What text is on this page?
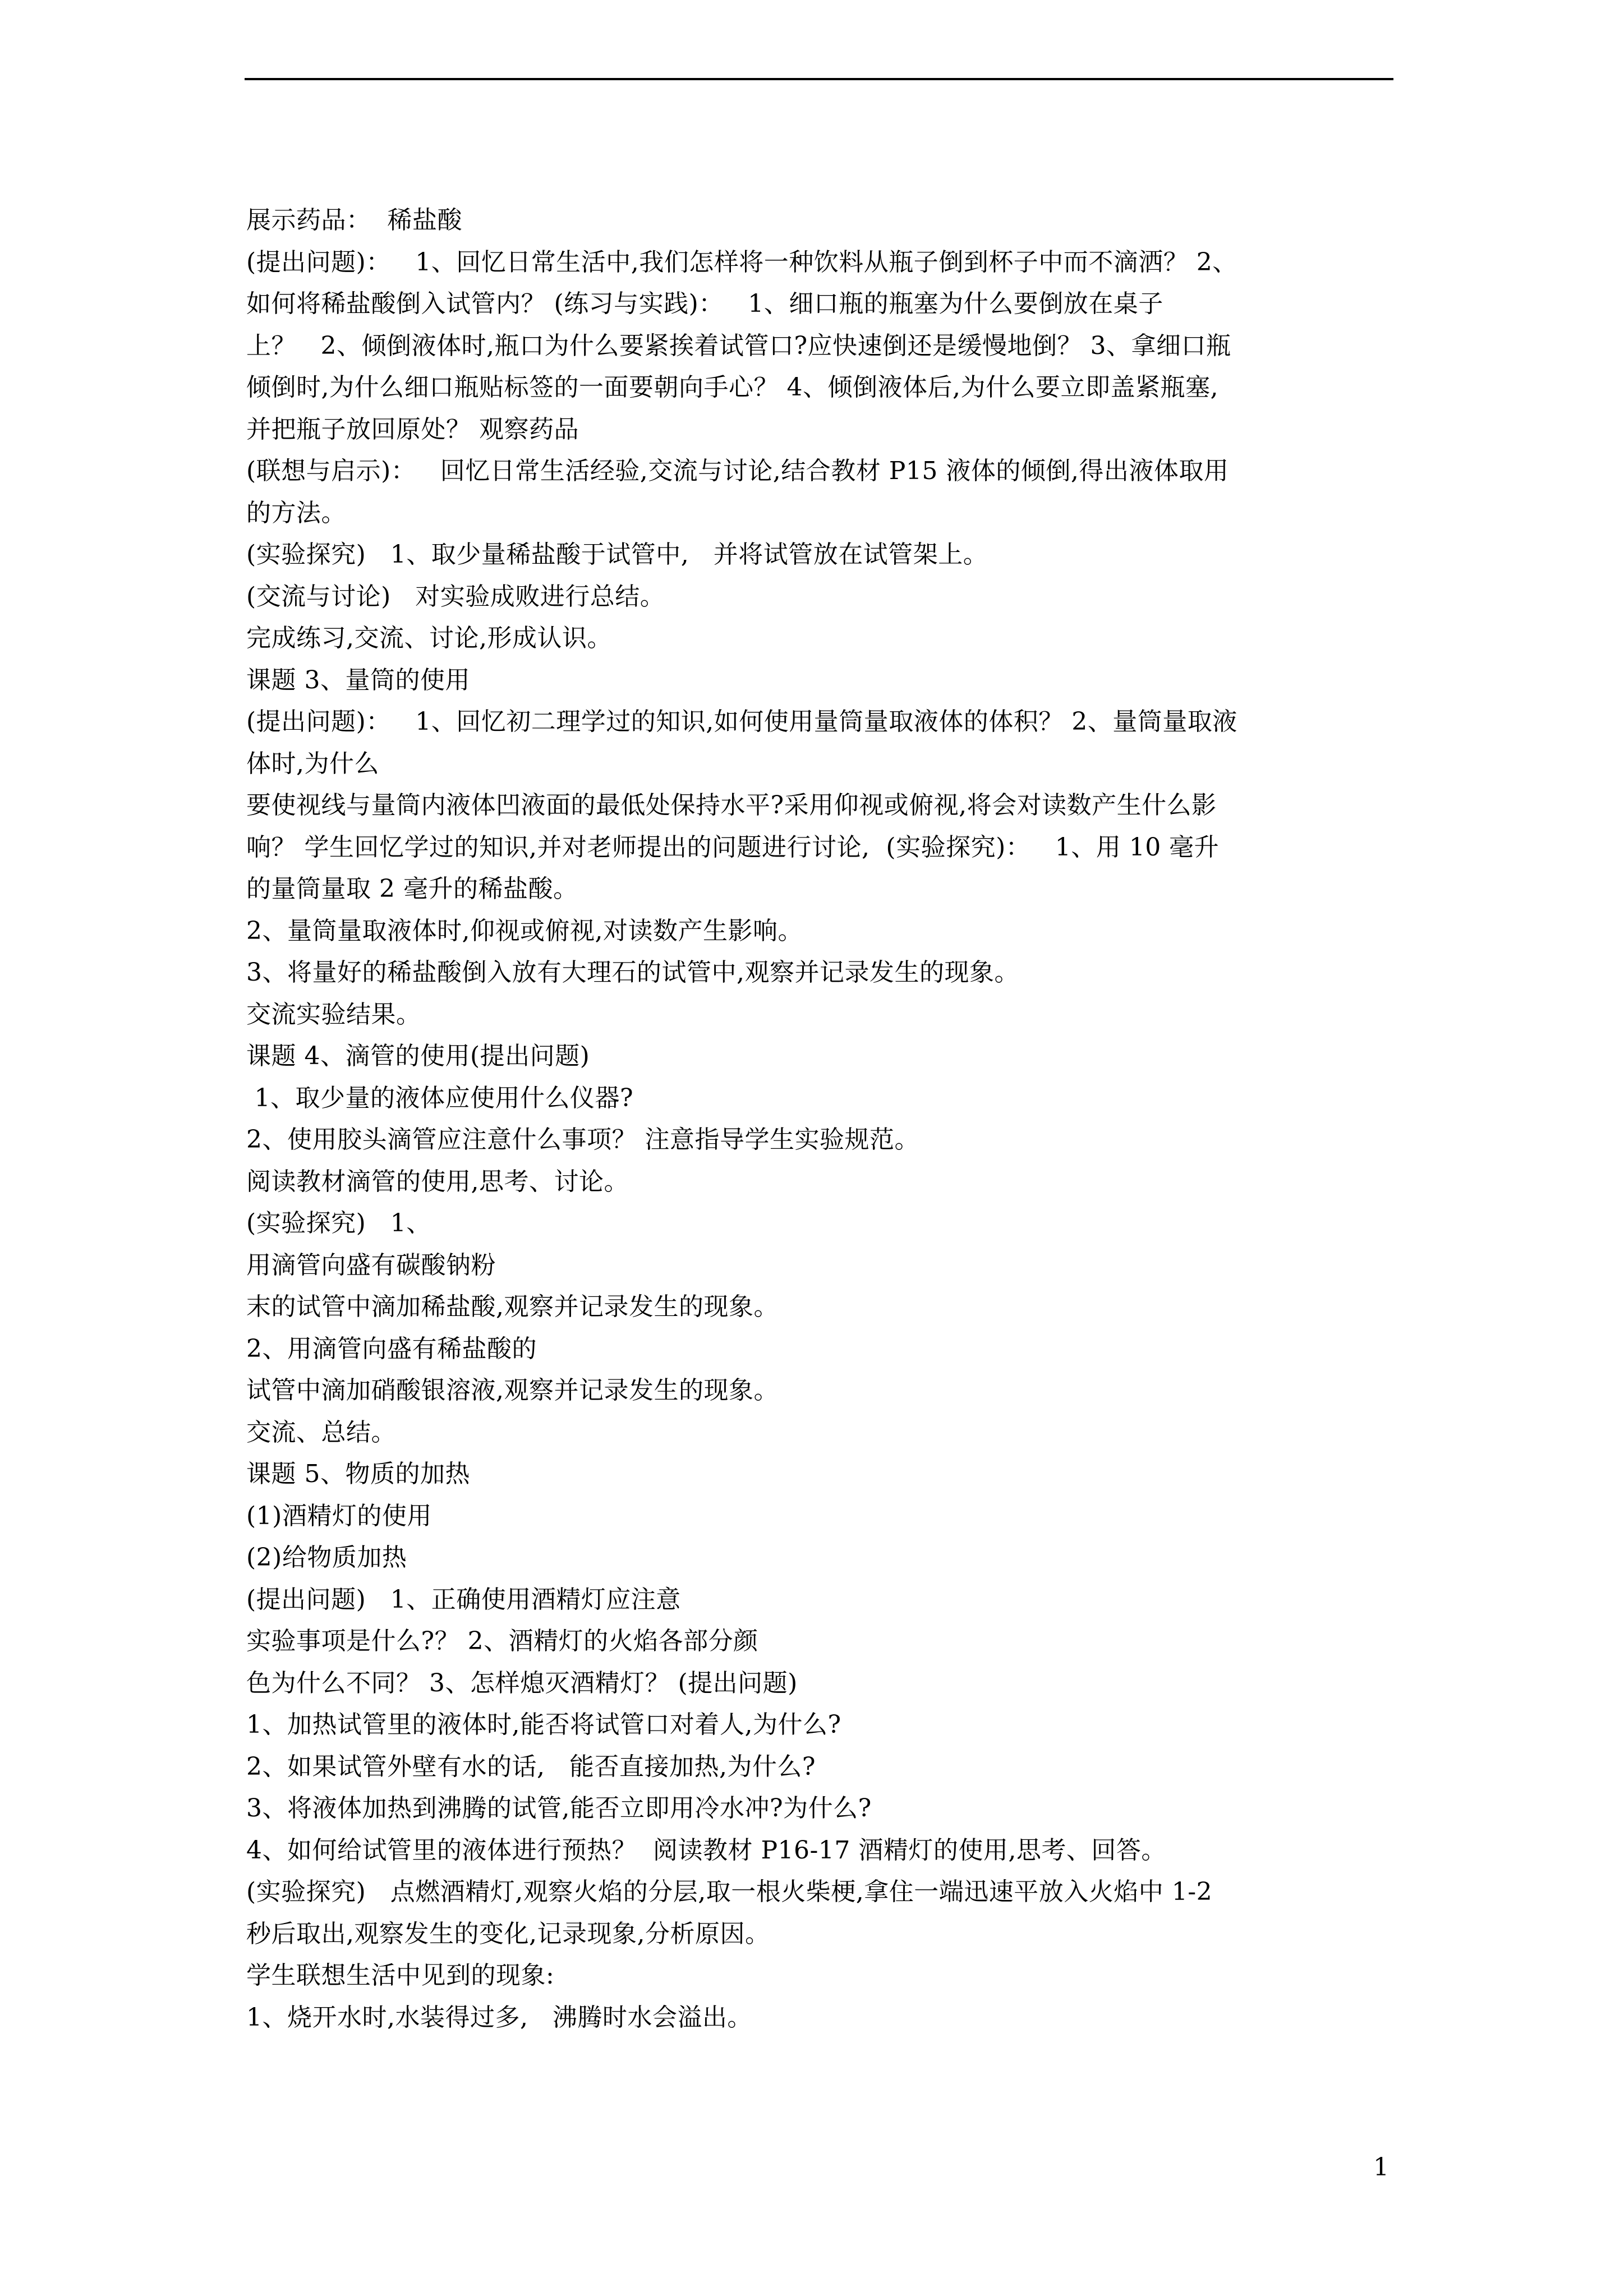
展示药品：  稀盐酸
(提出问题)：   1、回忆日常生活中,我们怎样将一种饮料从瓶子倒到杯子中而不滴洒？ 2、
如何将稀盐酸倒入试管内？ (练习与实践)：   1、细口瓶的瓶塞为什么要倒放在桌子
上？   2、倾倒液体时,瓶口为什么要紧挨着试管口?应快速倒还是缓慢地倒？ 3、拿细口瓶
倾倒时,为什么细口瓶贴标签的一面要朝向手心？ 4、倾倒液体后,为什么要立即盖紧瓶塞,
并把瓶子放回原处？ 观察药品
(联想与启示)：   回忆日常生活经验,交流与讨论,结合教材 P15 液体的倾倒,得出液体取用
的方法。
(实验探究)   1、取少量稀盐酸于试管中,   并将试管放在试管架上。
(交流与讨论)   对实验成败进行总结。
完成练习,交流、讨论,形成认识。
课题 3、量筒的使用
(提出问题)：   1、回忆初二理学过的知识,如何使用量筒量取液体的体积？ 2、量筒量取液
体时,为什么
要使视线与量筒内液体凹液面的最低处保持水平?采用仰视或俯视,将会对读数产生什么影
响？ 学生回忆学过的知识,并对老师提出的问题进行讨论,  (实验探究)：   1、用 10 毫升
的量筒量取 2 毫升的稀盐酸。
2、量筒量取液体时,仰视或俯视,对读数产生影响。
3、将量好的稀盐酸倒入放有大理石的试管中,观察并记录发生的现象。
交流实验结果。
课题 4、滴管的使用(提出问题)
1、取少量的液体应使用什么仪器?
2、使用胶头滴管应注意什么事项？ 注意指导学生实验规范。
阅读教材滴管的使用,思考、讨论。
(实验探究)   1、
用滴管向盛有碳酸钠粉
末的试管中滴加稀盐酸,观察并记录发生的现象。
2、用滴管向盛有稀盐酸的
试管中滴加硝酸银溶液,观察并记录发生的现象。
交流、总结。
课题 5、物质的加热
(1)酒精灯的使用
(2)给物质加热
(提出问题)   1、正确使用酒精灯应注意
实验事项是什么?？ 2、酒精灯的火焰各部分颜
色为什么不同？ 3、怎样熄灭酒精灯？ (提出问题)
1、加热试管里的液体时,能否将试管口对着人,为什么?
2、如果试管外壁有水的话,   能否直接加热,为什么?
3、将液体加热到沸腾的试管,能否立即用冷水冲?为什么?
4、如何给试管里的液体进行预热？  阅读教材 P16-17 酒精灯的使用,思考、回答。
(实验探究)   点燃酒精灯,观察火焰的分层,取一根火柴梗,拿住一端迅速平放入火焰中 1-2
秒后取出,观察发生的变化,记录现象,分析原因。
学生联想生活中见到的现象:
1、烧开水时,水装得过多,   沸腾时水会溢出。
1
